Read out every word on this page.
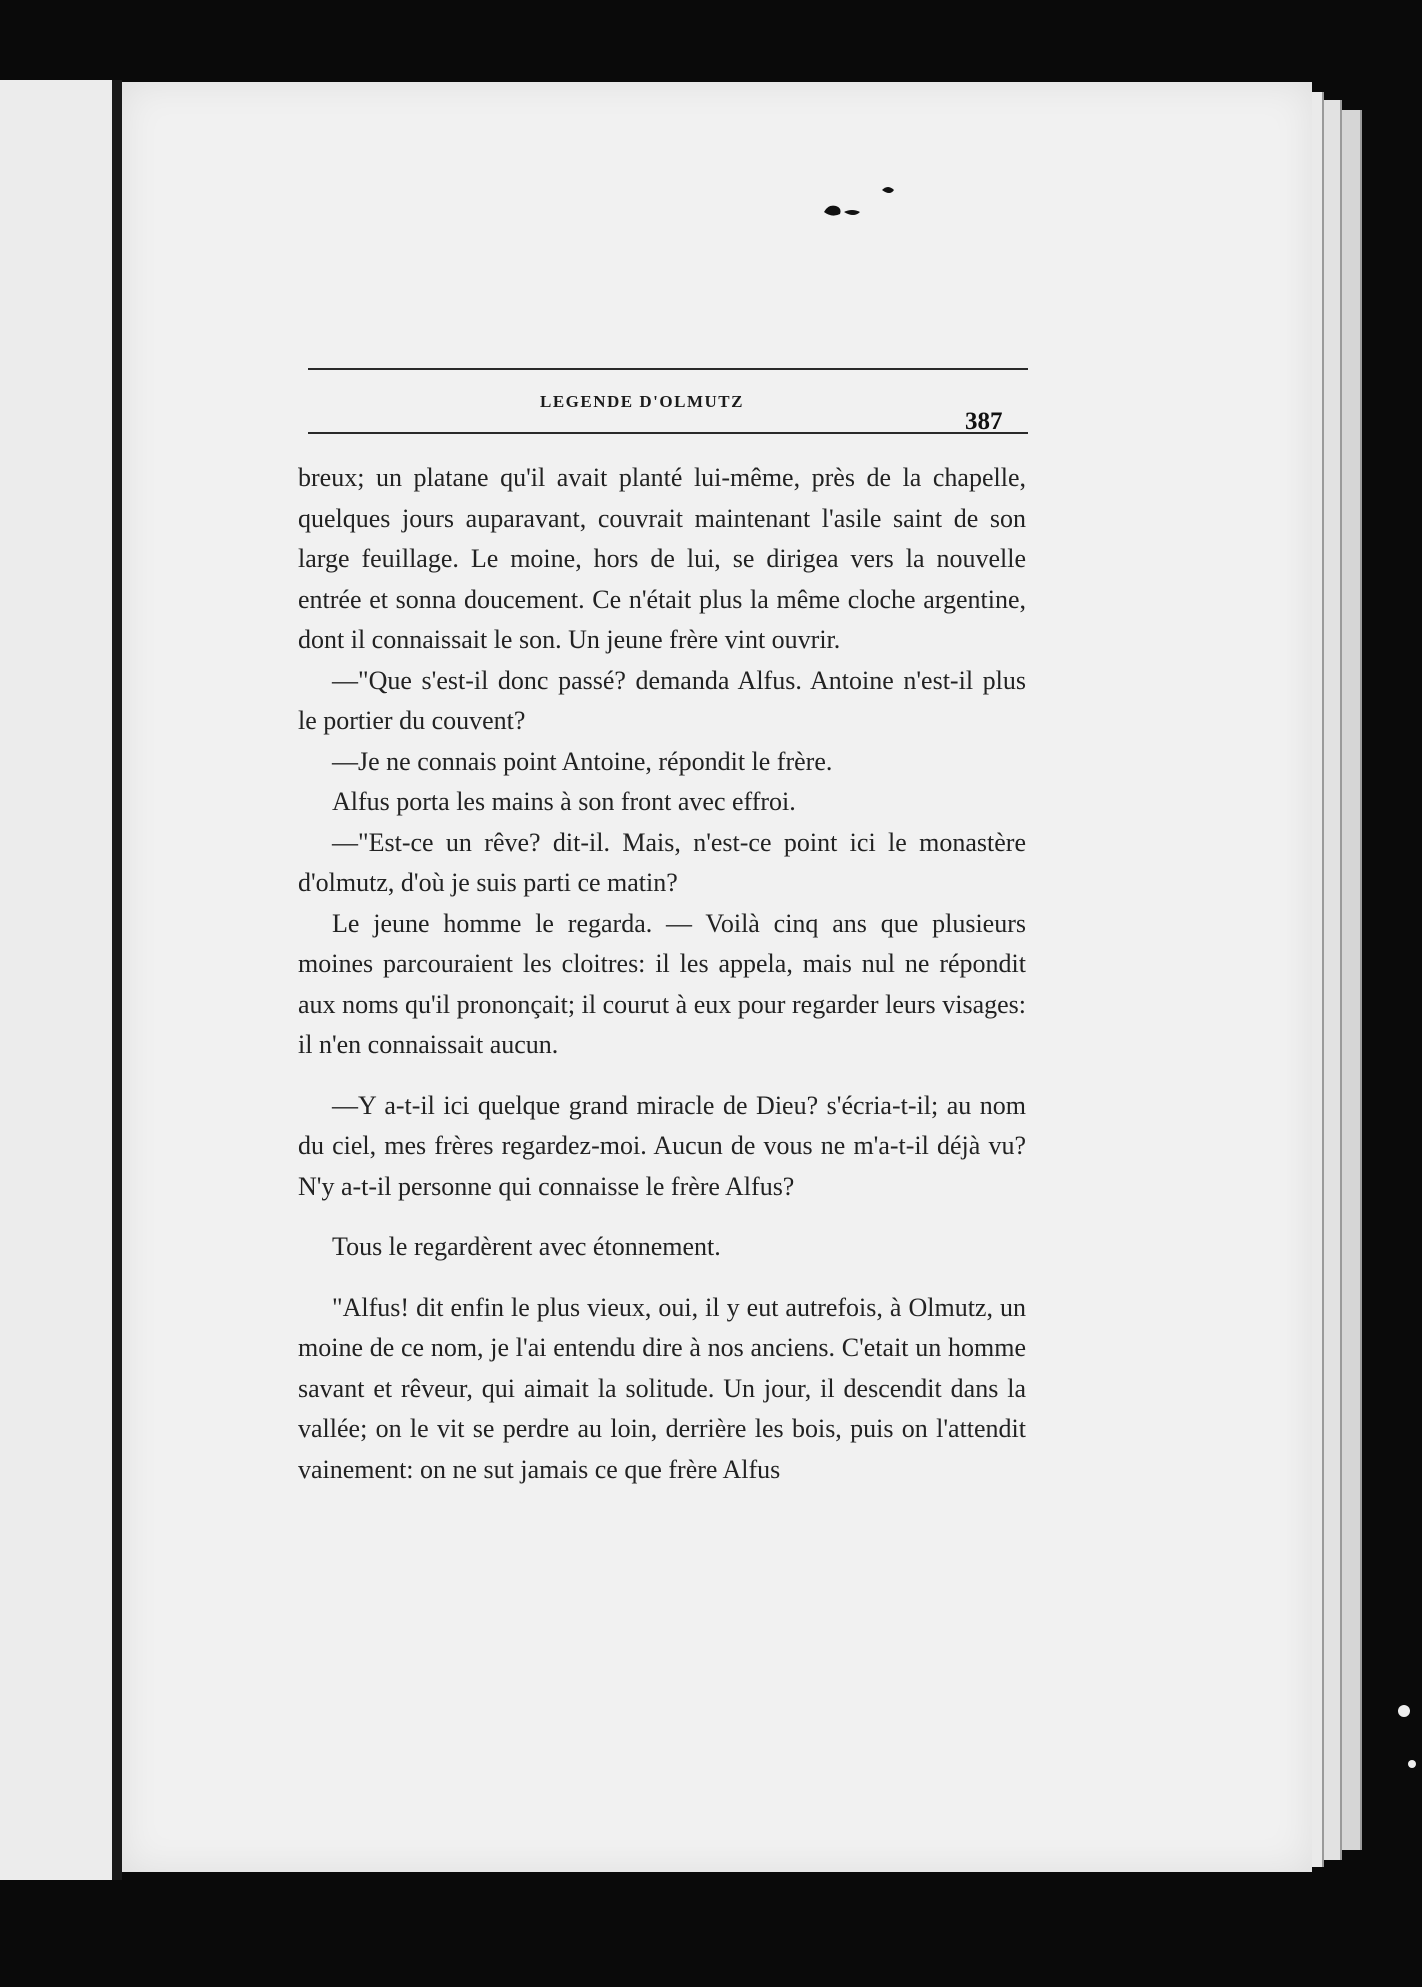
LEGENDE D'OLMUTZ
387

breux; un platane qu'il avait planté lui-même, près de la chapelle, quelques jours auparavant, couvrait maintenant l'asile saint de son large feuillage. Le moine, hors de lui, se dirigea vers la nouvelle entrée et sonna doucement. Ce n'était plus la même cloche argentine, dont il connaissait le son. Un jeune frère vint ouvrir.

—"Que s'est-il donc passé? demanda Alfus. Antoine n'est-il plus le portier du couvent?

—Je ne connais point Antoine, répondit le frère.

Alfus porta les mains à son front avec effroi.

—"Est-ce un rêve? dit-il. Mais, n'est-ce point ici le monastère d'olmutz, d'où je suis parti ce matin?

Le jeune homme le regarda. — Voilà cinq ans que plusieurs moines parcouraient les cloitres: il les appela, mais nul ne répondit aux noms qu'il prononçait; il courut à eux pour regarder leurs visages: il n'en connaissait aucun.

—Y a-t-il ici quelque grand miracle de Dieu? s'écria-t-il; au nom du ciel, mes frères regardez-moi. Aucun de vous ne m'a-t-il déjà vu? N'y a-t-il personne qui connaisse le frère Alfus?

Tous le regardèrent avec étonnement.

"Alfus! dit enfin le plus vieux, oui, il y eut autrefois, à Olmutz, un moine de ce nom, je l'ai entendu dire à nos anciens. C'etait un homme savant et rêveur, qui aimait la solitude. Un jour, il descendit dans la vallée; on le vit se perdre au loin, derrière les bois, puis on l'attendit vainement: on ne sut jamais ce que frère Alfus
